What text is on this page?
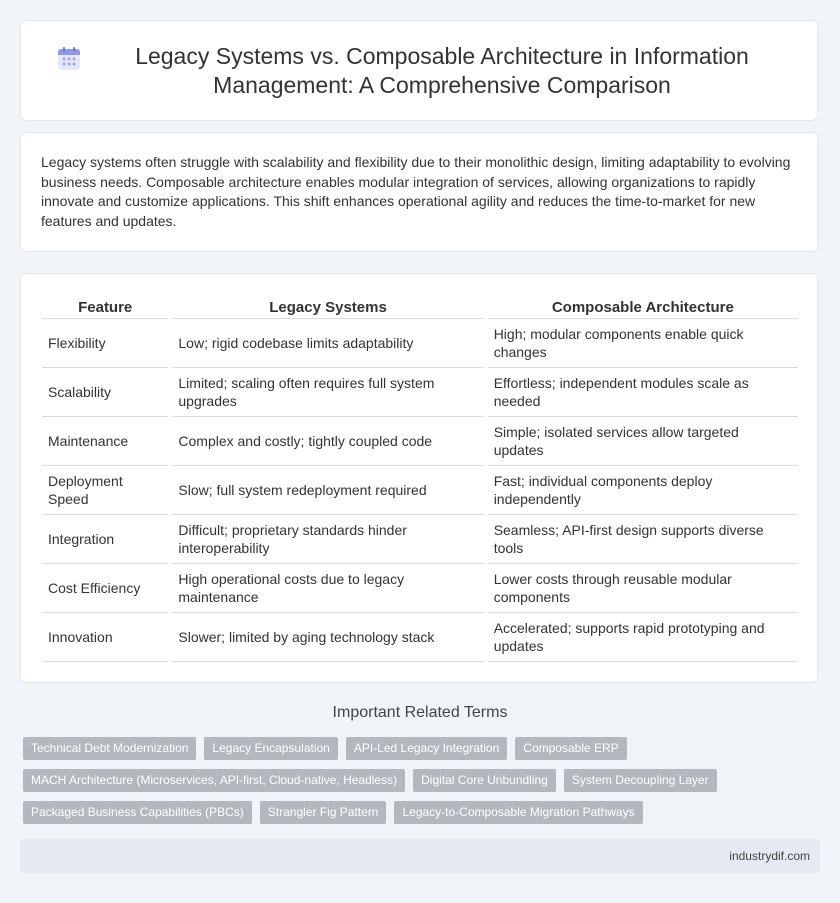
Legacy Systems vs. Composable Architecture in Information Management: A Comprehensive Comparison

Legacy systems often struggle with scalability and flexibility due to their monolithic design, limiting adaptability to evolving business needs. Composable architecture enables modular integration of services, allowing organizations to rapidly innovate and customize applications. This shift enhances operational agility and reduces the time-to-market for new features and updates.

Feature	Legacy Systems	Composable Architecture
Flexibility	Low; rigid codebase limits adaptability	High; modular components enable quick changes
Scalability	Limited; scaling often requires full system upgrades	Effortless; independent modules scale as needed
Maintenance	Complex and costly; tightly coupled code	Simple; isolated services allow targeted updates
Deployment Speed	Slow; full system redeployment required	Fast; individual components deploy independently
Integration	Difficult; proprietary standards hinder interoperability	Seamless; API-first design supports diverse tools
Cost Efficiency	High operational costs due to legacy maintenance	Lower costs through reusable modular components
Innovation	Slower; limited by aging technology stack	Accelerated; supports rapid prototyping and updates
Important Related Terms
Technical Debt Modernization	Legacy Encapsulation	API-Led Legacy Integration	Composable ERP
MACH Architecture (Microservices, API-first, Cloud-native, Headless)	Digital Core Unbundling	System Decoupling Layer
Packaged Business Capabilities (PBCs)	Strangler Fig Pattern	Legacy-to-Composable Migration Pathways
industrydif.com
